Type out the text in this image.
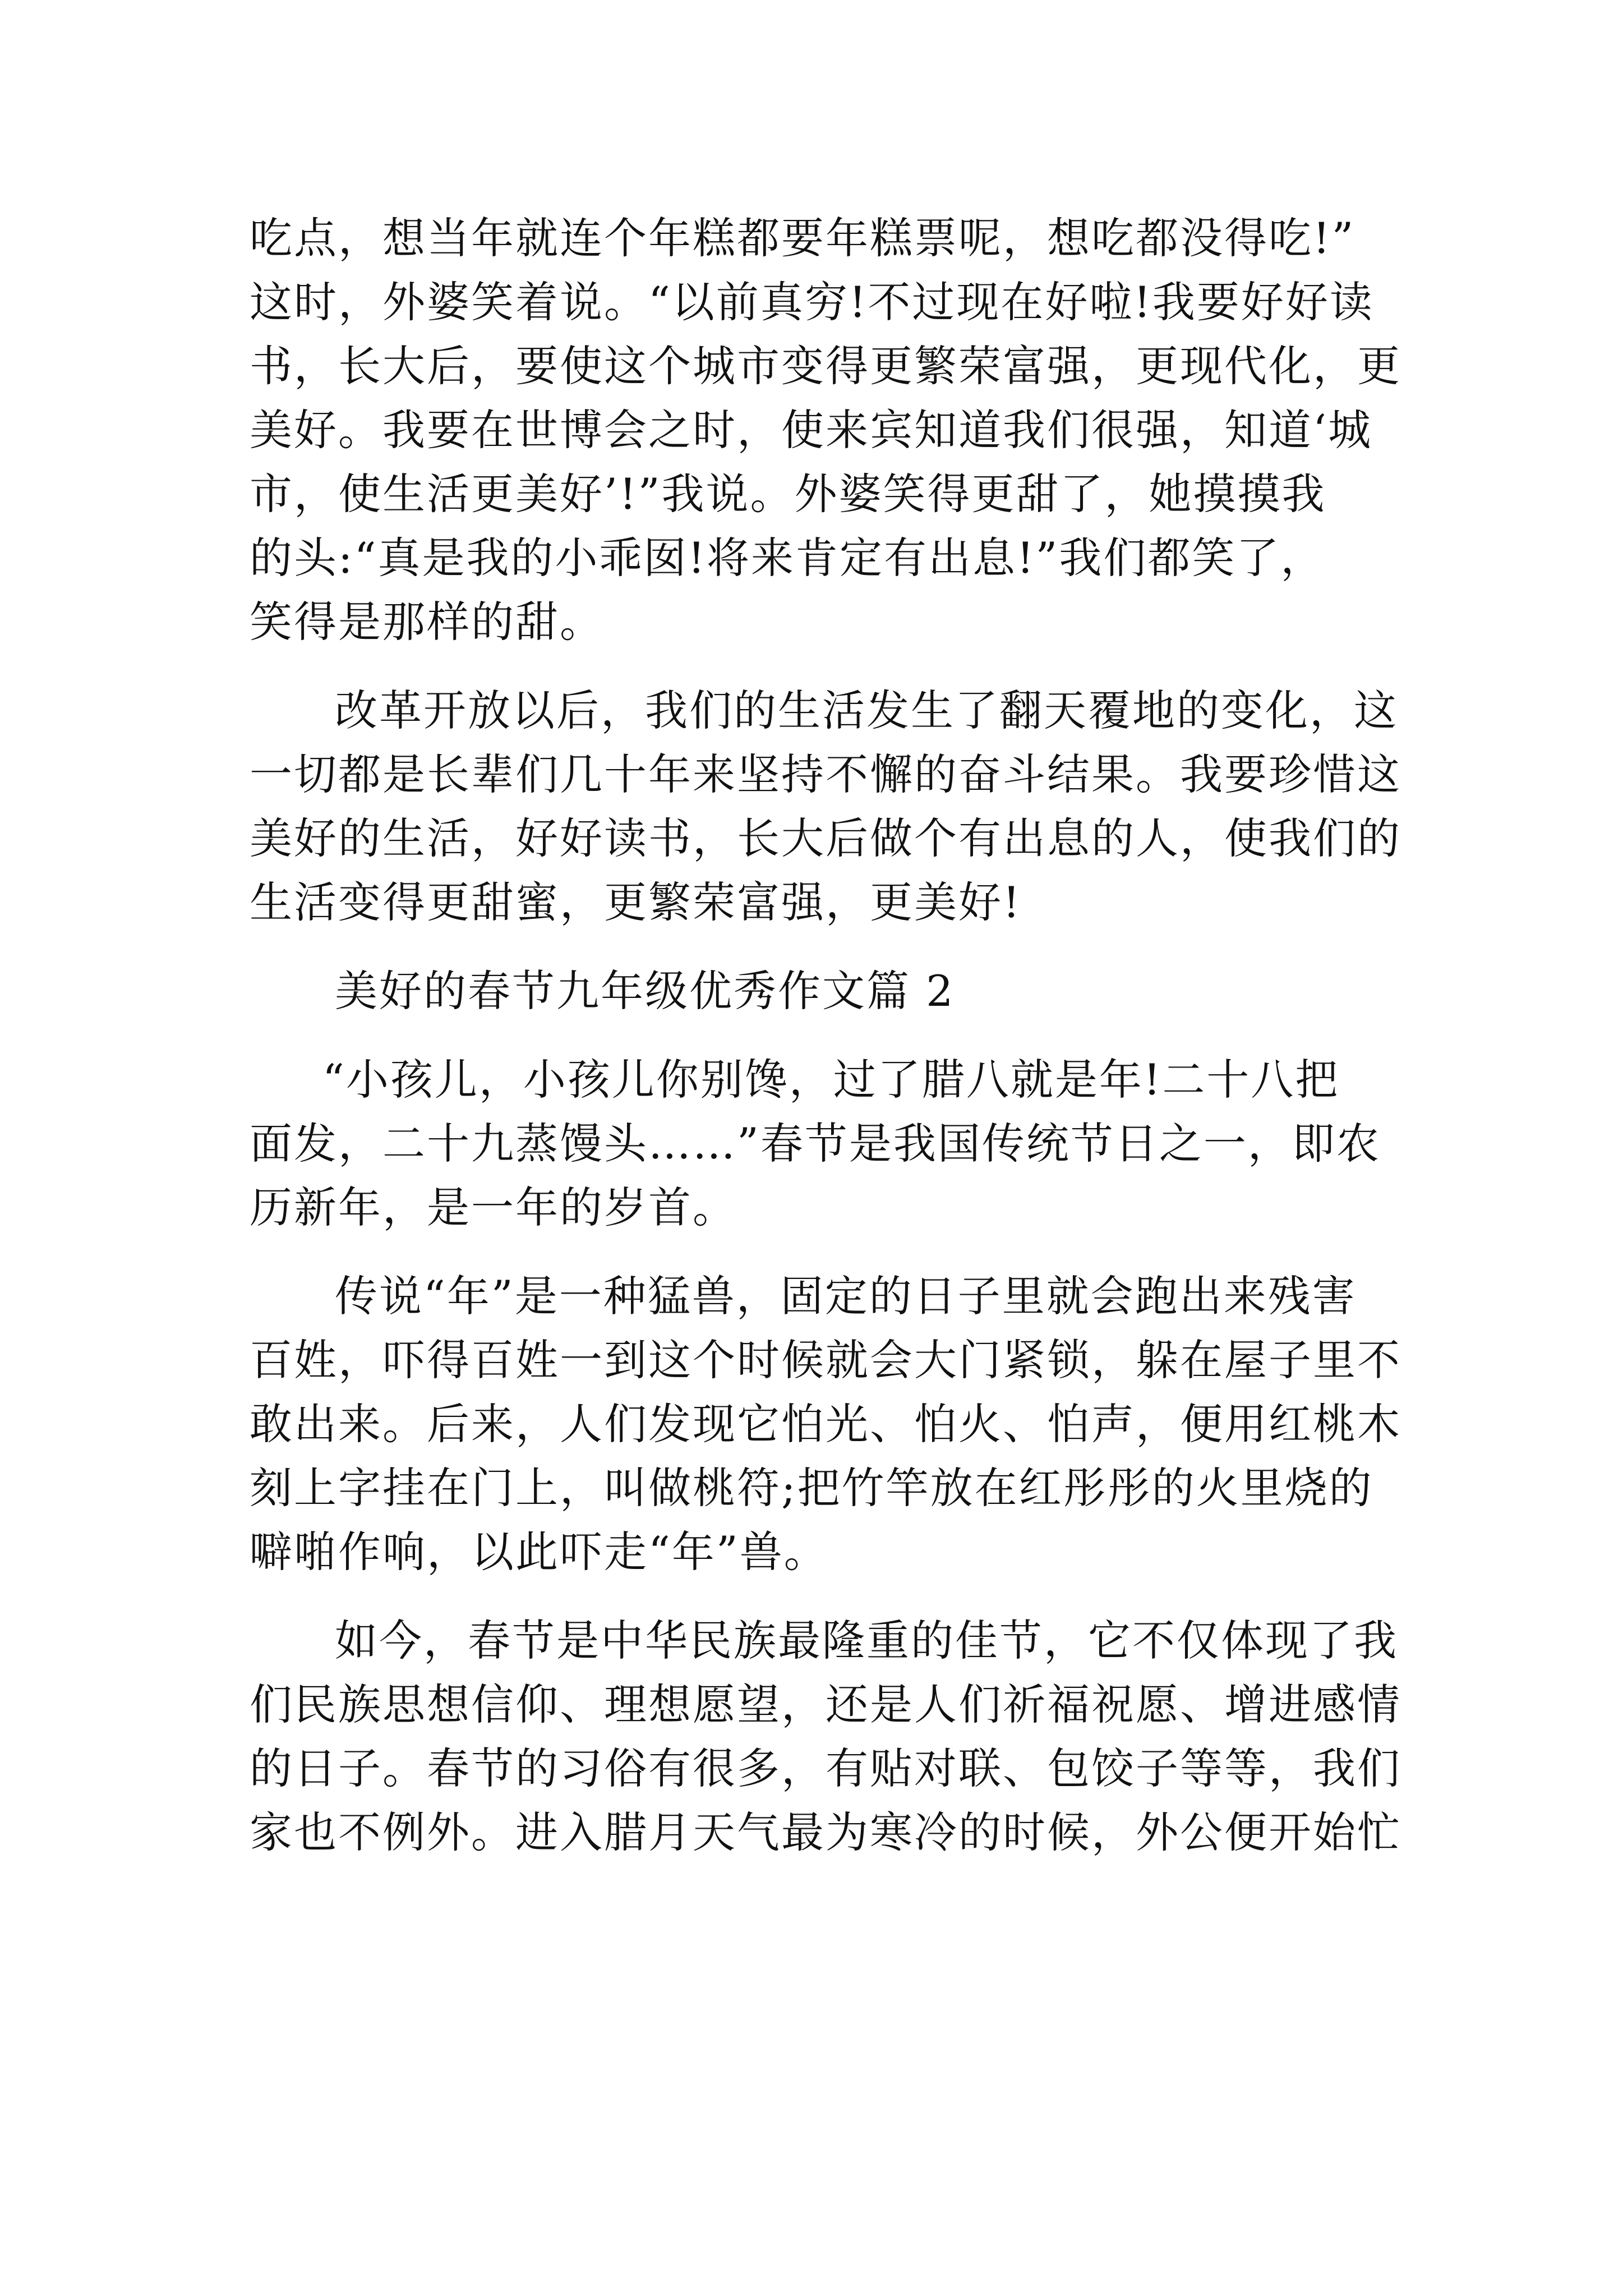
吃点，想当年就连个年糕都要年糕票呢，想吃都没得吃!”
这时，外婆笑着说。“以前真穷!不过现在好啦!我要好好读
书，长大后，要使这个城市变得更繁荣富强，更现代化，更
美好。我要在世博会之时，使来宾知道我们很强，知道‘城
市，使生活更美好’!”我说。外婆笑得更甜了，她摸摸我
的头:“真是我的小乖囡!将来肯定有出息!”我们都笑了，
笑得是那样的甜。
改革开放以后，我们的生活发生了翻天覆地的变化，这
一切都是长辈们几十年来坚持不懈的奋斗结果。我要珍惜这
美好的生活，好好读书，长大后做个有出息的人，使我们的
生活变得更甜蜜，更繁荣富强，更美好!
美好的春节九年级优秀作文篇 2
“小孩儿，小孩儿你别馋，过了腊八就是年!二十八把
面发，二十九蒸馒头……”春节是我国传统节日之一，即农
历新年，是一年的岁首。
传说“年”是一种猛兽，固定的日子里就会跑出来残害
百姓，吓得百姓一到这个时候就会大门紧锁，躲在屋子里不
敢出来。后来，人们发现它怕光、怕火、怕声，便用红桃木
刻上字挂在门上，叫做桃符;把竹竿放在红彤彤的火里烧的
噼啪作响，以此吓走“年”兽。
如今，春节是中华民族最隆重的佳节，它不仅体现了我
们民族思想信仰、理想愿望，还是人们祈福祝愿、增进感情
的日子。春节的习俗有很多，有贴对联、包饺子等等，我们
家也不例外。进入腊月天气最为寒冷的时候，外公便开始忙
